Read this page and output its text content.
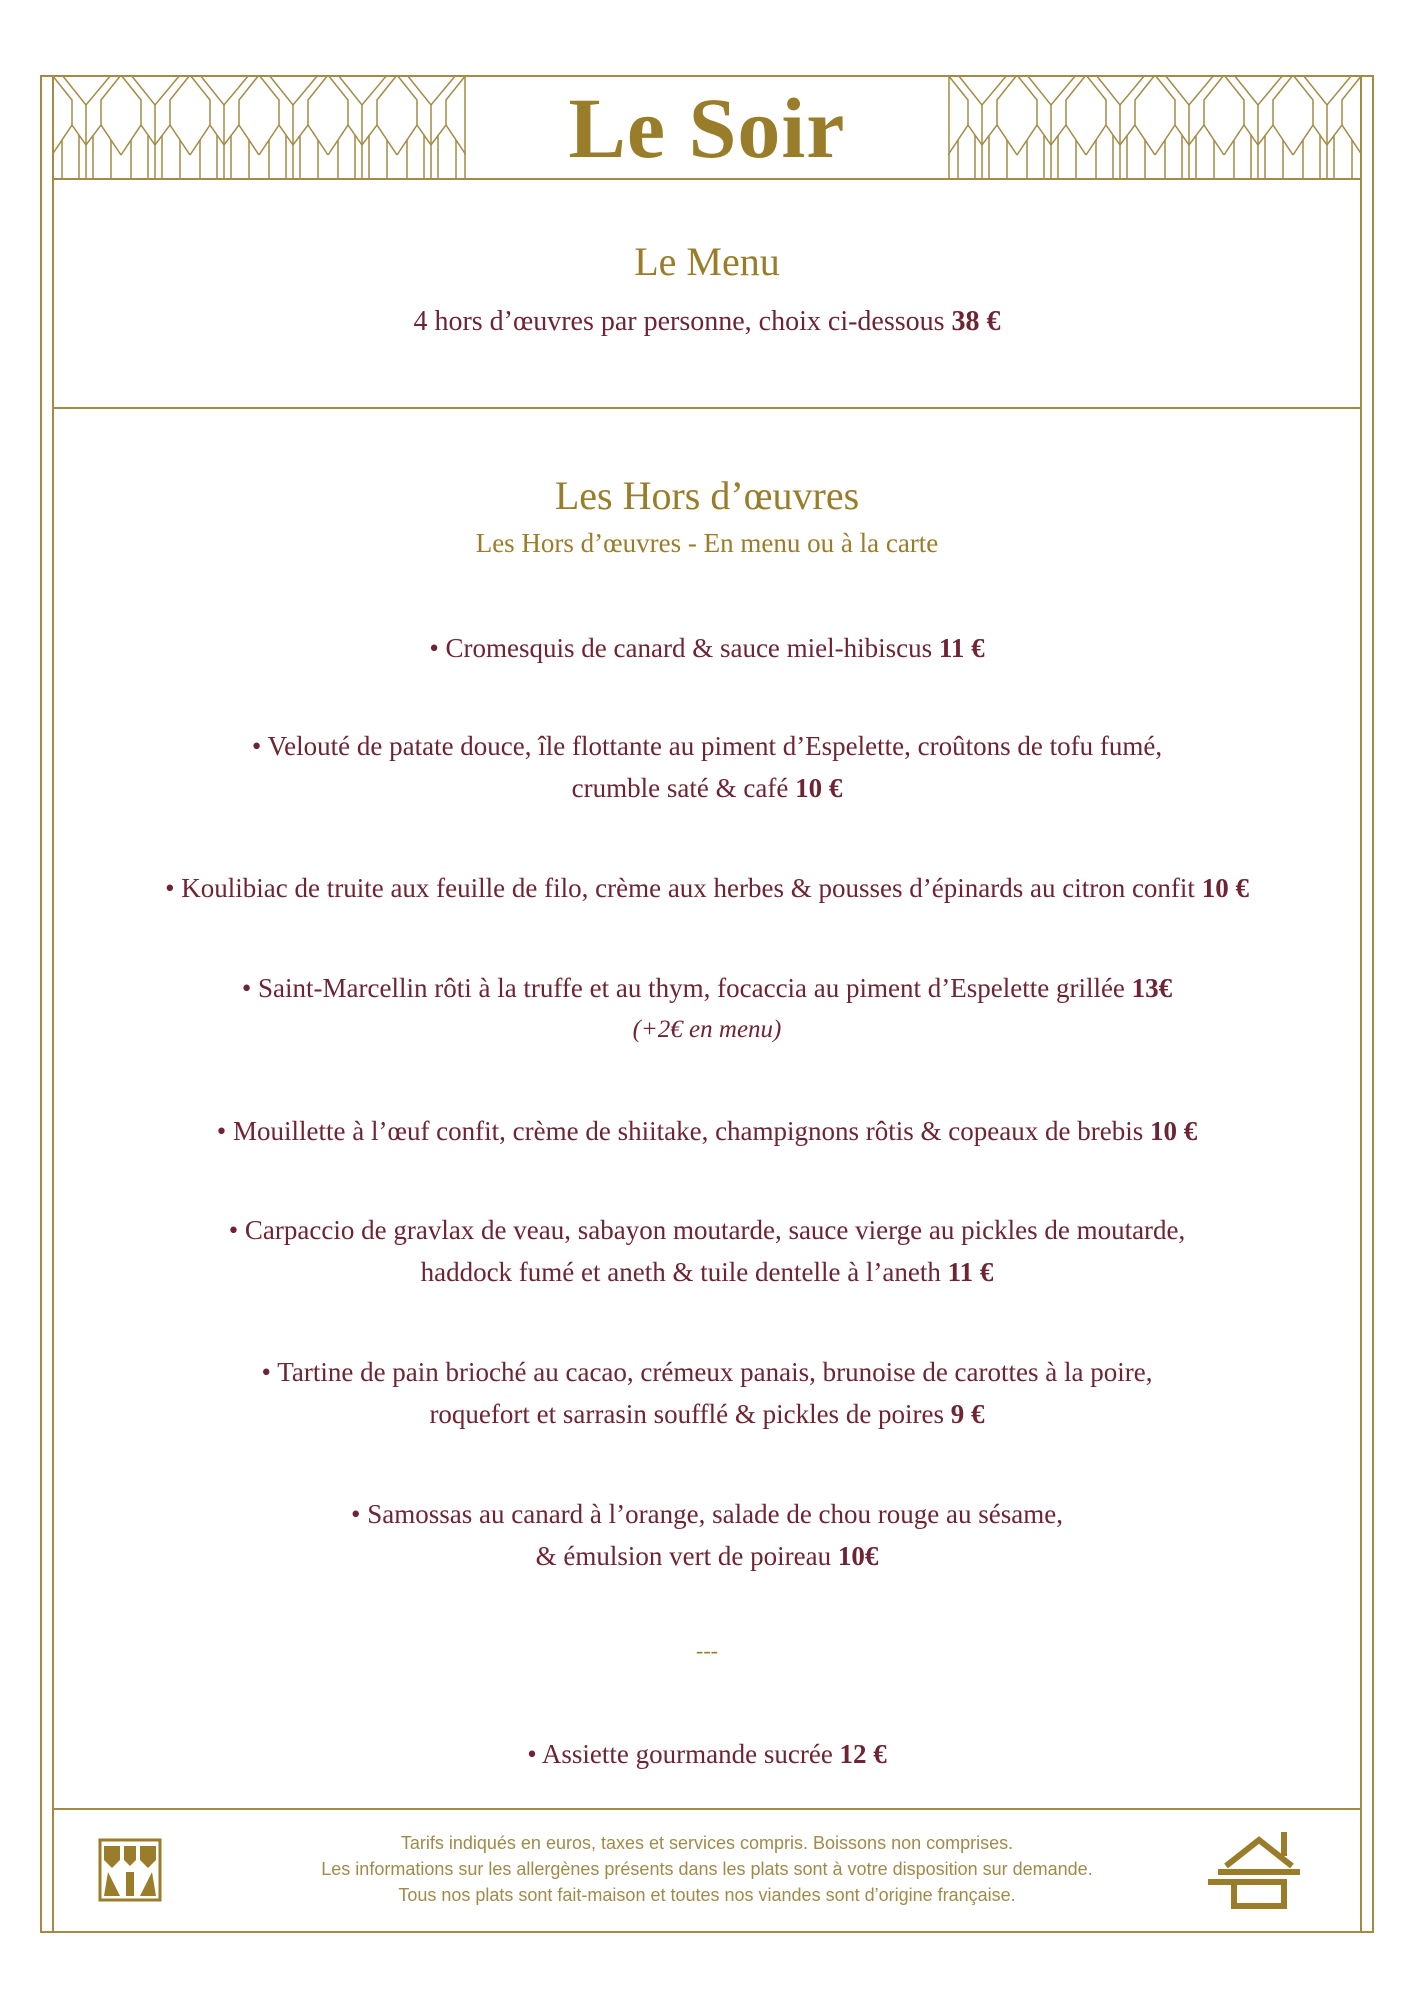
Le Soir
Le Menu
4 hors d’œuvres par personne, choix ci-dessous 38 €
Les Hors d’œuvres
Les Hors d’œuvres - En menu ou à la carte
• Cromesquis de canard & sauce miel-hibiscus 11 €
• Velouté de patate douce, île flottante au piment d’Espelette, croûtons de tofu fumé,
crumble saté & café 10 €
• Koulibiac de truite aux feuille de filo, crème aux herbes & pousses d’épinards au citron confit 10 €
• Saint-Marcellin rôti à la truffe et au thym, focaccia au piment d’Espelette grillée 13€
(+2€ en menu)
• Mouillette à l’œuf confit, crème de shiitake, champignons rôtis & copeaux de brebis 10 €
• Carpaccio de gravlax de veau, sabayon moutarde, sauce vierge au pickles de moutarde,
haddock fumé et aneth & tuile dentelle à l’aneth 11 €
• Tartine de pain brioché au cacao, crémeux panais, brunoise de carottes à la poire,
roquefort et sarrasin soufflé & pickles de poires 9 €
• Samossas au canard à l’orange, salade de chou rouge au sésame,
& émulsion vert de poireau 10€
---
• Assiette gourmande sucrée 12 €
Tarifs indiqués en euros, taxes et services compris. Boissons non comprises.
Les informations sur les allergènes présents dans les plats sont à votre disposition sur demande.
Tous nos plats sont fait-maison et toutes nos viandes sont d’origine française.
